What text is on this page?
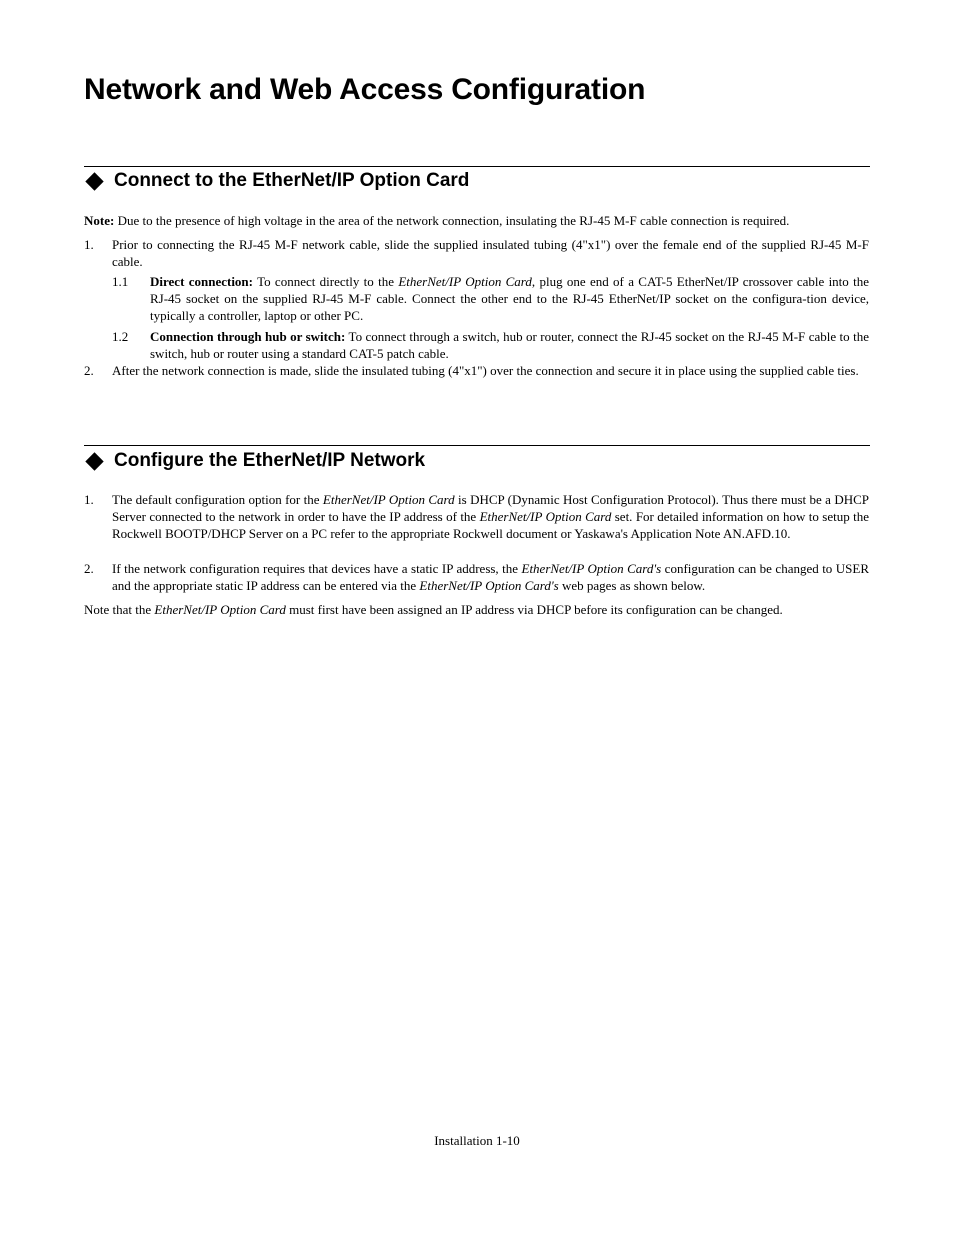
Network and Web Access Configuration
Connect to the EtherNet/IP Option Card
Note: Due to the presence of high voltage in the area of the network connection, insulating the RJ-45 M-F cable connection is required.
1. Prior to connecting the RJ-45 M-F network cable, slide the supplied insulated tubing (4"x1") over the female end of the supplied RJ-45 M-F cable.
1.1 Direct connection: To connect directly to the EtherNet/IP Option Card, plug one end of a CAT-5 EtherNet/IP crossover cable into the RJ-45 socket on the supplied RJ-45 M-F cable. Connect the other end to the RJ-45 EtherNet/IP socket on the configura-tion device, typically a controller, laptop or other PC.
1.2 Connection through hub or switch: To connect through a switch, hub or router, connect the RJ-45 socket on the RJ-45 M-F cable to the switch, hub or router using a standard CAT-5 patch cable.
2. After the network connection is made, slide the insulated tubing (4"x1") over the connection and secure it in place using the supplied cable ties.
Configure the EtherNet/IP Network
1. The default configuration option for the EtherNet/IP Option Card is DHCP (Dynamic Host Configuration Protocol). Thus there must be a DHCP Server connected to the network in order to have the IP address of the EtherNet/IP Option Card set. For detailed information on how to setup the Rockwell BOOTP/DHCP Server on a PC refer to the appropriate Rockwell document or Yaskawa's Application Note AN.AFD.10.
2. If the network configuration requires that devices have a static IP address, the EtherNet/IP Option Card's configuration can be changed to USER and the appropriate static IP address can be entered via the EtherNet/IP Option Card's web pages as shown below.
Note that the EtherNet/IP Option Card must first have been assigned an IP address via DHCP before its configuration can be changed.
Installation 1-10
